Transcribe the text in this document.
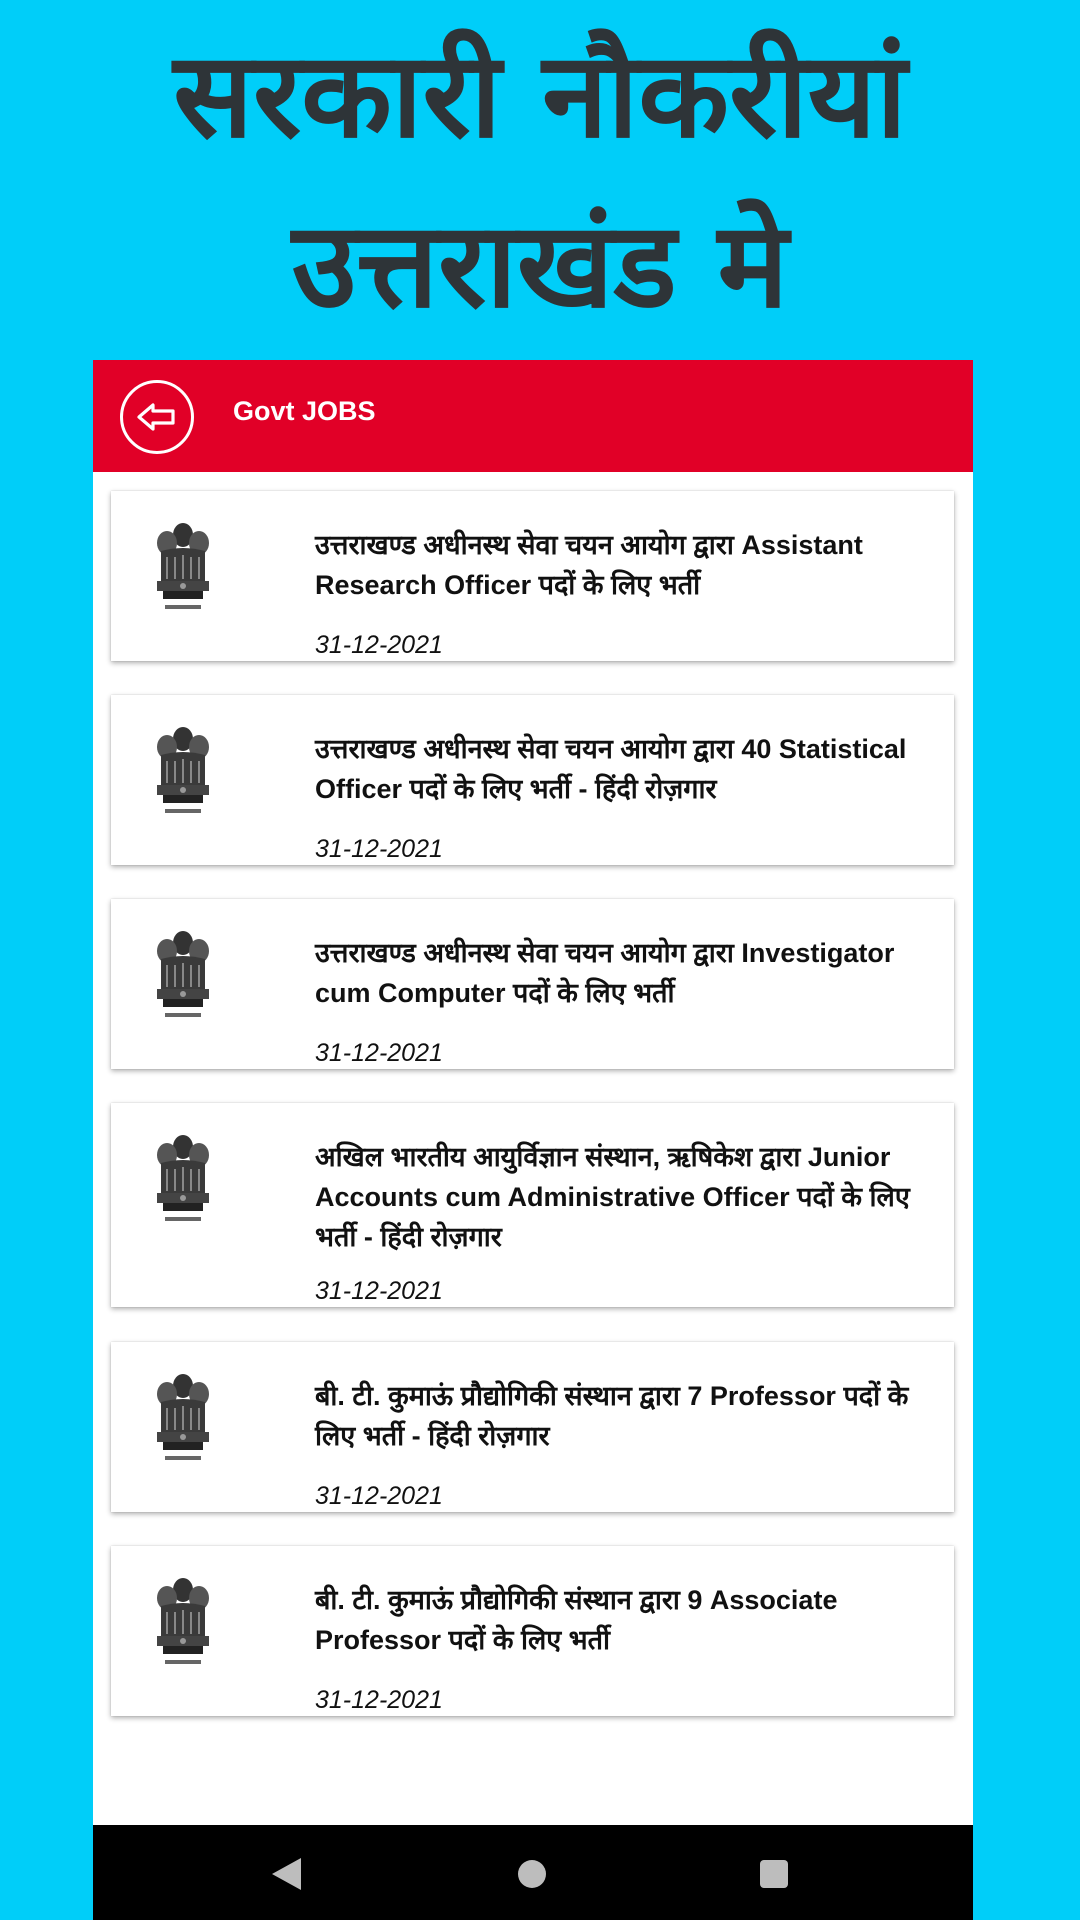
सरकारी नौकरीयां
उत्तराखंड मे
Govt JOBS
उत्तराखण्ड अधीनस्थ सेवा चयन आयोग द्वारा Assistant Research Officer पदों के लिए भर्ती
31-12-2021
उत्तराखण्ड अधीनस्थ सेवा चयन आयोग द्वारा 40 Statistical Officer पदों के लिए भर्ती - हिंदी रोज़गार
31-12-2021
उत्तराखण्ड अधीनस्थ सेवा चयन आयोग द्वारा Investigator cum Computer पदों के लिए भर्ती
31-12-2021
अखिल भारतीय आयुर्विज्ञान संस्थान, ऋषिकेश द्वारा Junior Accounts cum Administrative Officer पदों के लिए भर्ती - हिंदी रोज़गार
31-12-2021
बी. टी. कुमाऊं प्रौद्योगिकी संस्थान द्वारा 7 Professor पदों के लिए भर्ती - हिंदी रोज़गार
31-12-2021
बी. टी. कुमाऊं प्रौद्योगिकी संस्थान द्वारा 9 Associate Professor पदों के लिए भर्ती
31-12-2021
